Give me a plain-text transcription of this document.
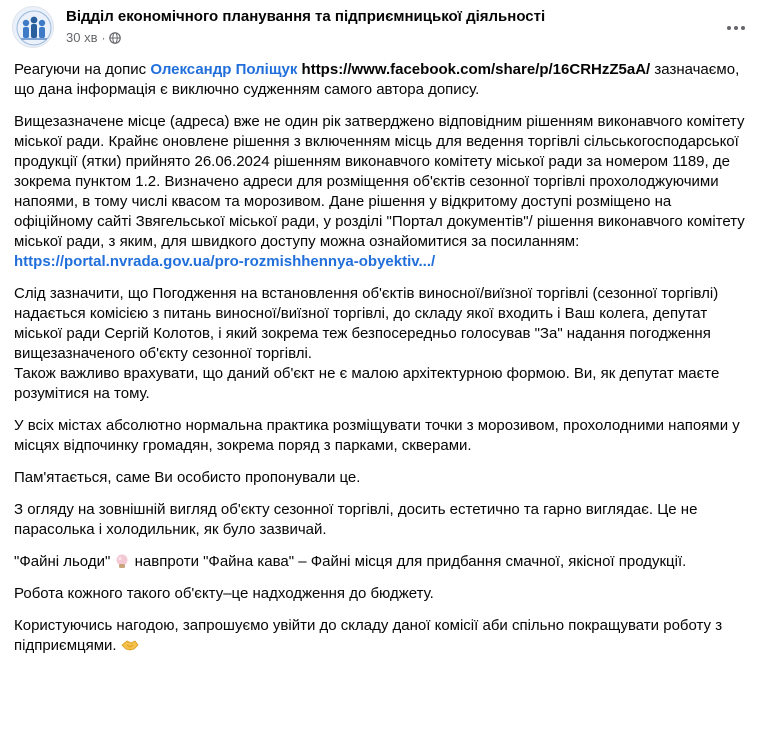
Відділ економічного планування та підприємницької діяльності
30 хв ·

Реагуючи на допис Олександр Поліщук https://www.facebook.com/share/p/16CRHzZ5aA/ зазначаємо, що дана інформація є виключно судженням самого автора допису.

Вищезазначене місце (адреса) вже не один рік затверджено відповідним рішенням виконавчого комітету міської ради. Крайнє оновлене рішення з включенням місць для ведення торгівлі сільськогосподарської продукції (ятки) прийнято 26.06.2024 рішенням виконавчого комітету міської ради за номером 1189, де зокрема пунктом 1.2. Визначено адреси для розміщення об'єктів сезонної торгівлі прохолоджуючими напоями, в тому числі квасом та морозивом. Дане рішення у відкритому доступі розміщено на офіційному сайті Звягельської міської ради, у розділі "Портал документів"/ рішення виконавчого комітету міської ради, з яким, для швидкого доступу можна ознайомитися за посиланням: https://portal.nvrada.gov.ua/pro-rozmishhennya-obyektiv.../

Слід зазначити, що Погодження на встановлення об'єктів виносної/виїзної торгівлі (сезонної торгівлі) надається комісією з питань виносної/виїзної торгівлі, до складу якої входить і Ваш колега, депутат міської ради Сергій Колотов, і який зокрема теж безпосередньо голосував "За" надання погодження вищезазначеного об'єкту сезонної торгівлі.
Також важливо врахувати, що даний об'єкт не є малою архітектурною формою. Ви, як депутат маєте розумітися на тому.

У всіх містах абсолютно нормальна практика розміщувати точки з морозивом, прохолодними напоями у місцях відпочинку громадян, зокрема поряд з парками, скверами.

Пам'ятається, саме Ви особисто пропонували це.

З огляду на зовнішній вигляд об'єкту сезонної торгівлі, досить естетично та гарно виглядає. Це не парасолька і холодильник, як було зазвичай.

"Файні льоди"  навпроти "Файна кава" – Файні місця для придбання смачної, якісної продукції.

Робота кожного такого об'єкту–це надходження до бюджету.

Користуючись нагодою, запрошуємо увійти до складу даної комісії аби спільно покращувати роботу з підприємцями.
